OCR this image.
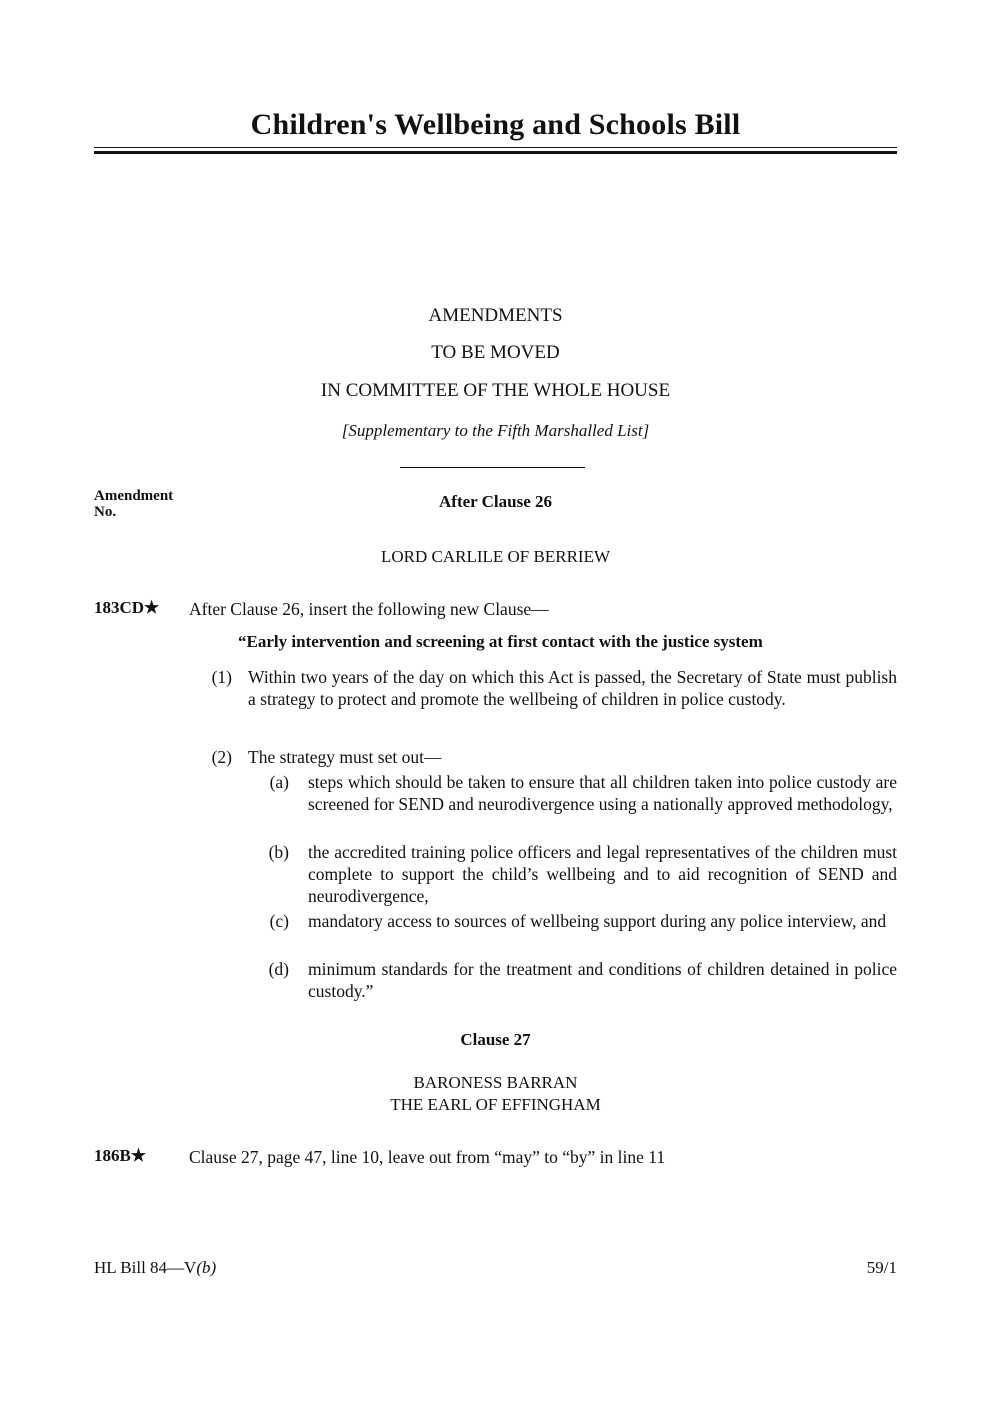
Children's Wellbeing and Schools Bill
AMENDMENTS
TO BE MOVED
IN COMMITTEE OF THE WHOLE HOUSE
[Supplementary to the Fifth Marshalled List]
Amendment
No.
After Clause 26
LORD CARLILE OF BERRIEW
183CD★ After Clause 26, insert the following new Clause—
“Early intervention and screening at first contact with the justice system
(1) Within two years of the day on which this Act is passed, the Secretary of State must publish a strategy to protect and promote the wellbeing of children in police custody.
(2) The strategy must set out—
(a) steps which should be taken to ensure that all children taken into police custody are screened for SEND and neurodivergence using a nationally approved methodology,
(b) the accredited training police officers and legal representatives of the children must complete to support the child’s wellbeing and to aid recognition of SEND and neurodivergence,
(c) mandatory access to sources of wellbeing support during any police interview, and
(d) minimum standards for the treatment and conditions of children detained in police custody.”
Clause 27
BARONESS BARRAN
THE EARL OF EFFINGHAM
186B★ Clause 27, page 47, line 10, leave out from “may” to “by” in line 11
HL Bill 84—V(b)	59/1
